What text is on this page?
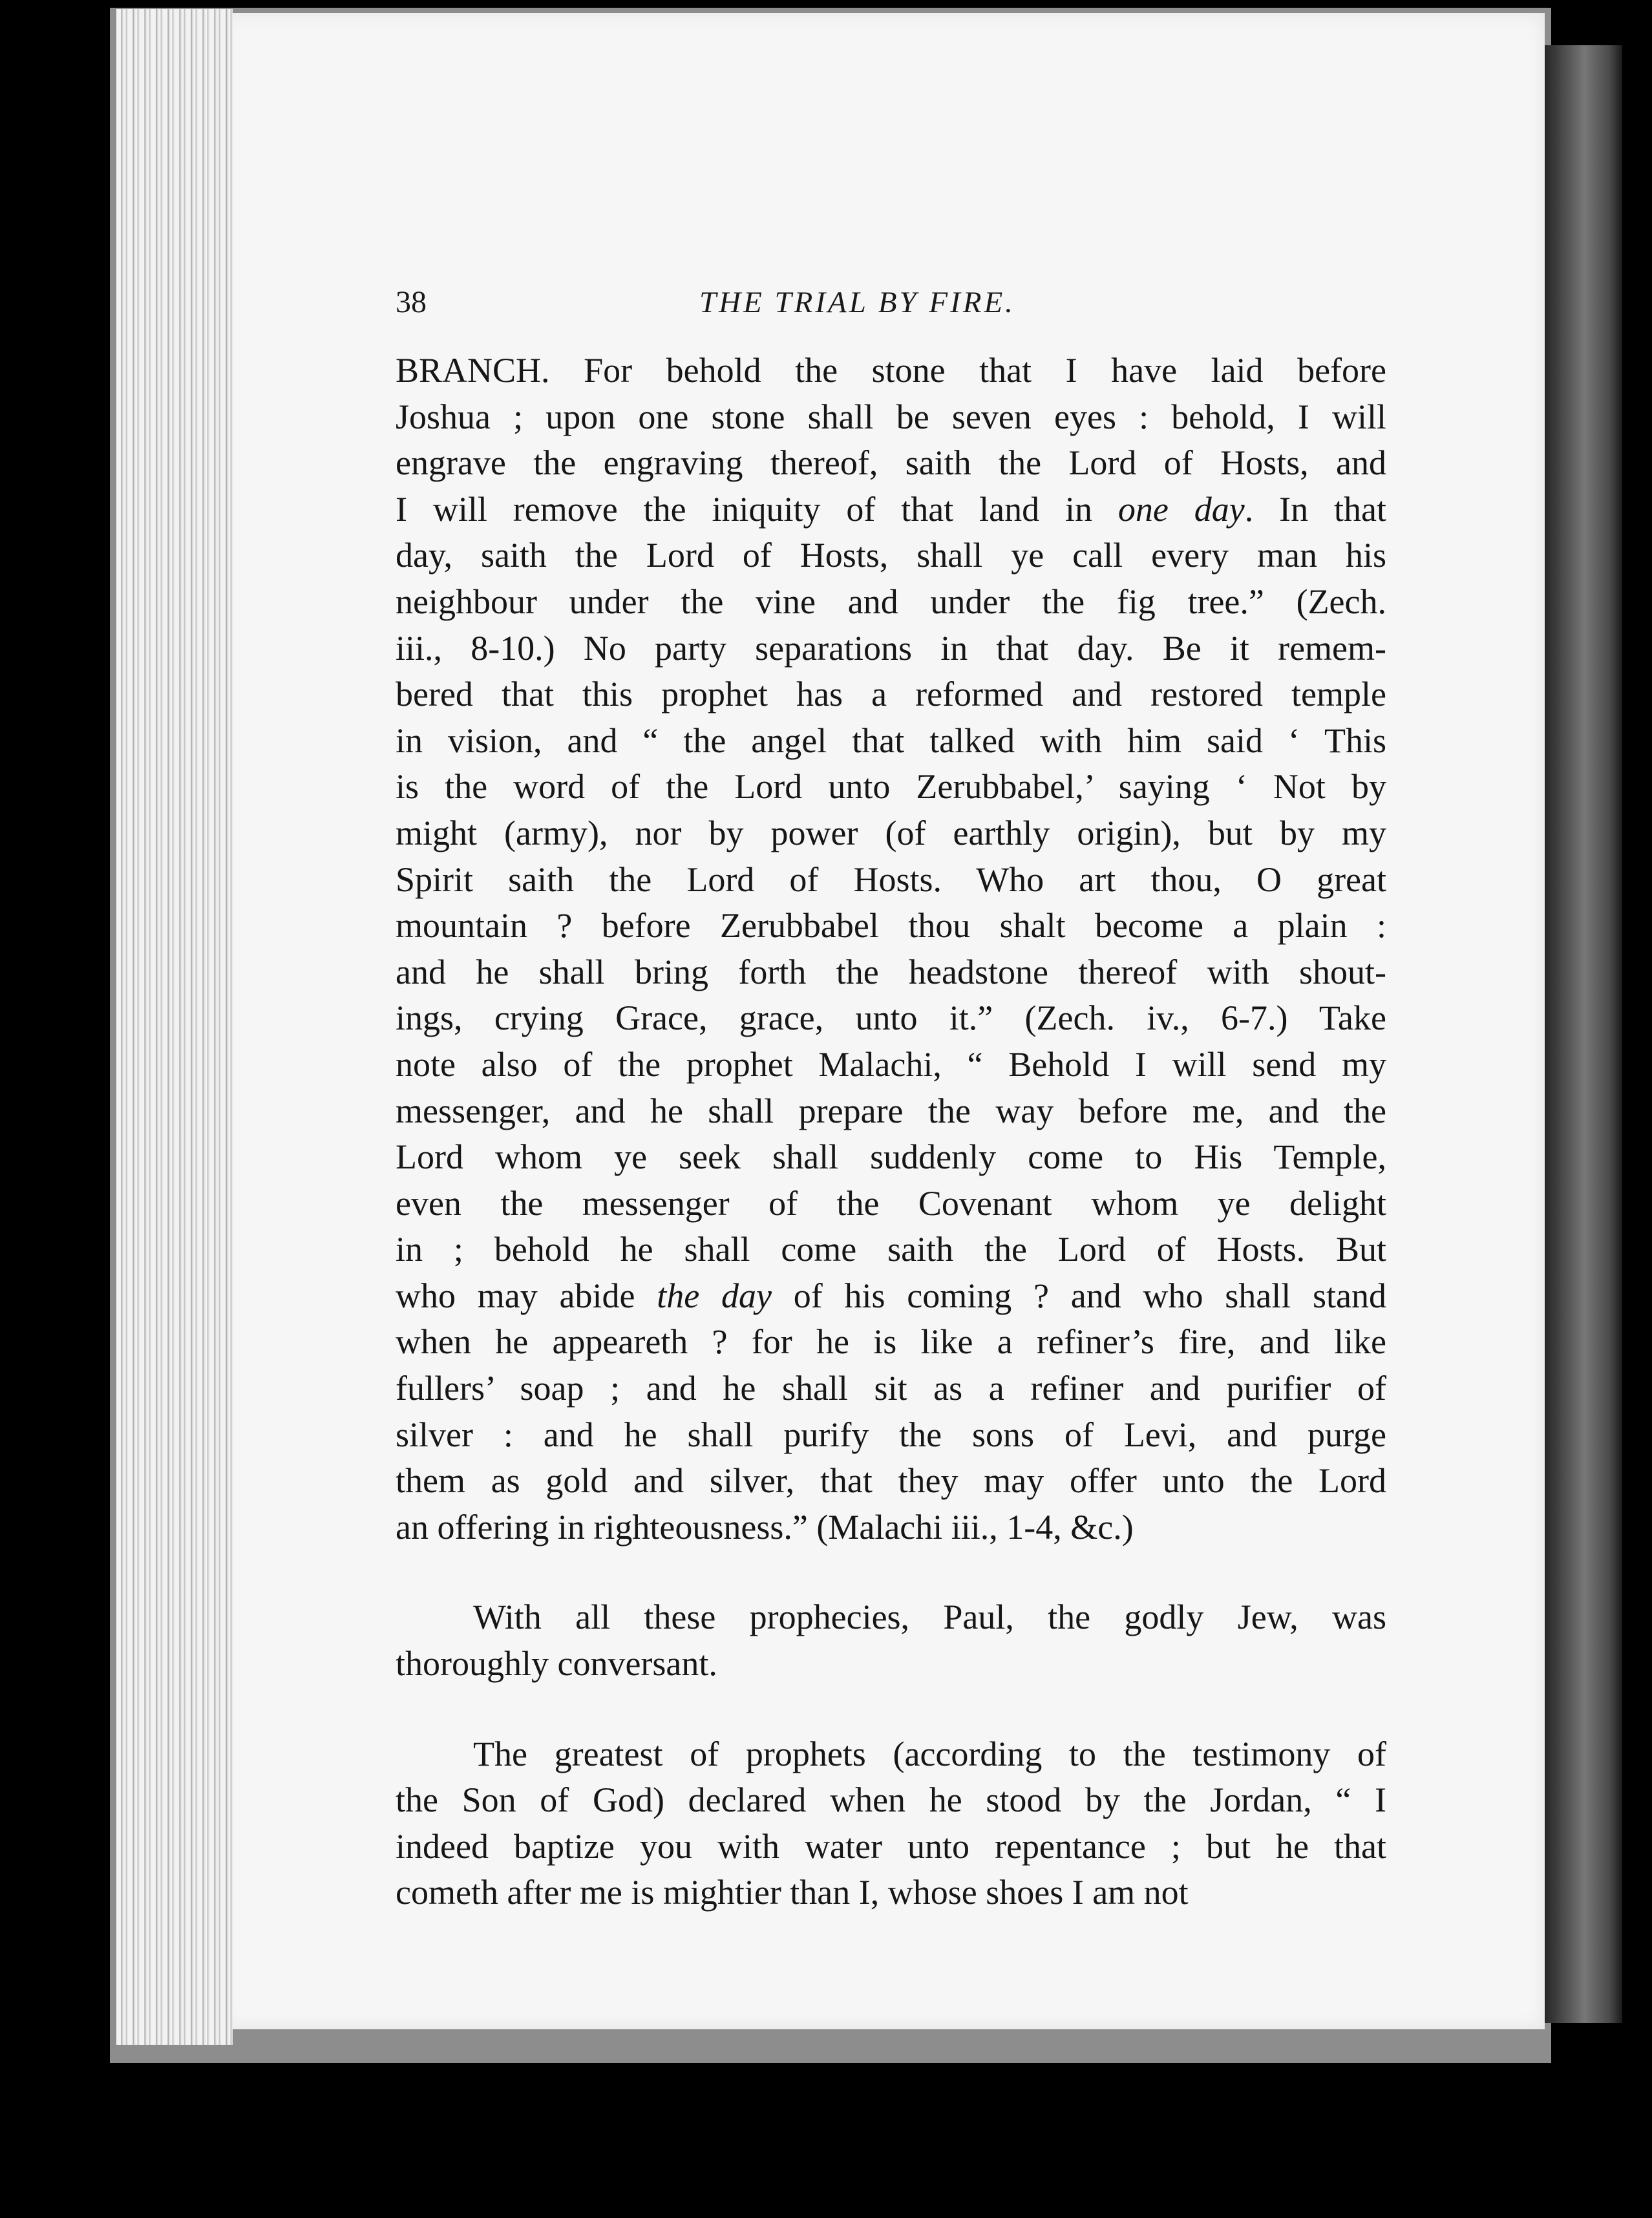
38	THE TRIAL BY FIRE.
BRANCH. For behold the stone that I have laid before
Joshua ; upon one stone shall be seven eyes : behold, I will
engrave the engraving thereof, saith the Lord of Hosts, and
I will remove the iniquity of that land in one day. In that
day, saith the Lord of Hosts, shall ye call every man his
neighbour under the vine and under the fig tree.” (Zech.
iii., 8-10.) No party separations in that day. Be it remem-
bered that this prophet has a reformed and restored temple
in vision, and “ the angel that talked with him said ‘ This
is the word of the Lord unto Zerubbabel,’ saying ‘ Not by
might (army), nor by power (of earthly origin), but by my
Spirit saith the Lord of Hosts. Who art thou, O great
mountain ? before Zerubbabel thou shalt become a plain :
and he shall bring forth the headstone thereof with shout-
ings, crying Grace, grace, unto it.” (Zech. iv., 6-7.) Take
note also of the prophet Malachi, “ Behold I will send my
messenger, and he shall prepare the way before me, and the
Lord whom ye seek shall suddenly come to His Temple,
even the messenger of the Covenant whom ye delight
in ; behold he shall come saith the Lord of Hosts. But
who may abide the day of his coming ? and who shall stand
when he appeareth ? for he is like a refiner’s fire, and like
fullers’ soap ; and he shall sit as a refiner and purifier of
silver : and he shall purify the sons of Levi, and purge
them as gold and silver, that they may offer unto the Lord
an offering in righteousness.” (Malachi iii., 1-4, &c.)
With all these prophecies, Paul, the godly Jew, was
thoroughly conversant.
The greatest of prophets (according to the testimony of
the Son of God) declared when he stood by the Jordan, “ I
indeed baptize you with water unto repentance ; but he that
cometh after me is mightier than I, whose shoes I am not
